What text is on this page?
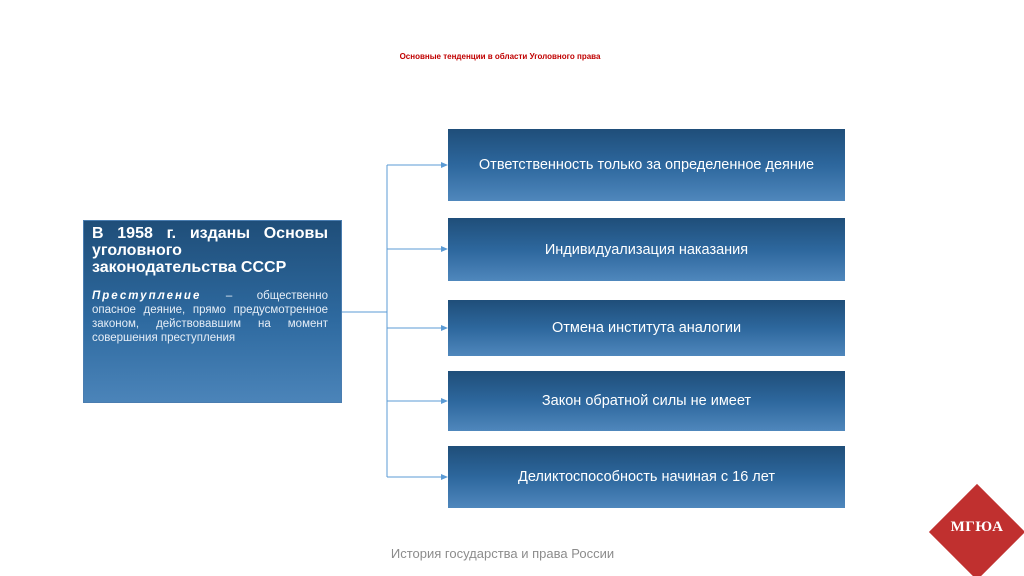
Основные тенденции в области Уголовного права
В 1958 г. изданы Основы уголовного законодательства СССР
Преступление – общественно опасное деяние, прямо предусмотренное законом, действовавшим на момент совершения преступления
Ответственность только за определенное деяние
Индивидуализация наказания
Отмена института аналогии
Закон обратной силы не имеет
Деликтоспособность начиная с 16 лет
История государства и права России
МГЮА
